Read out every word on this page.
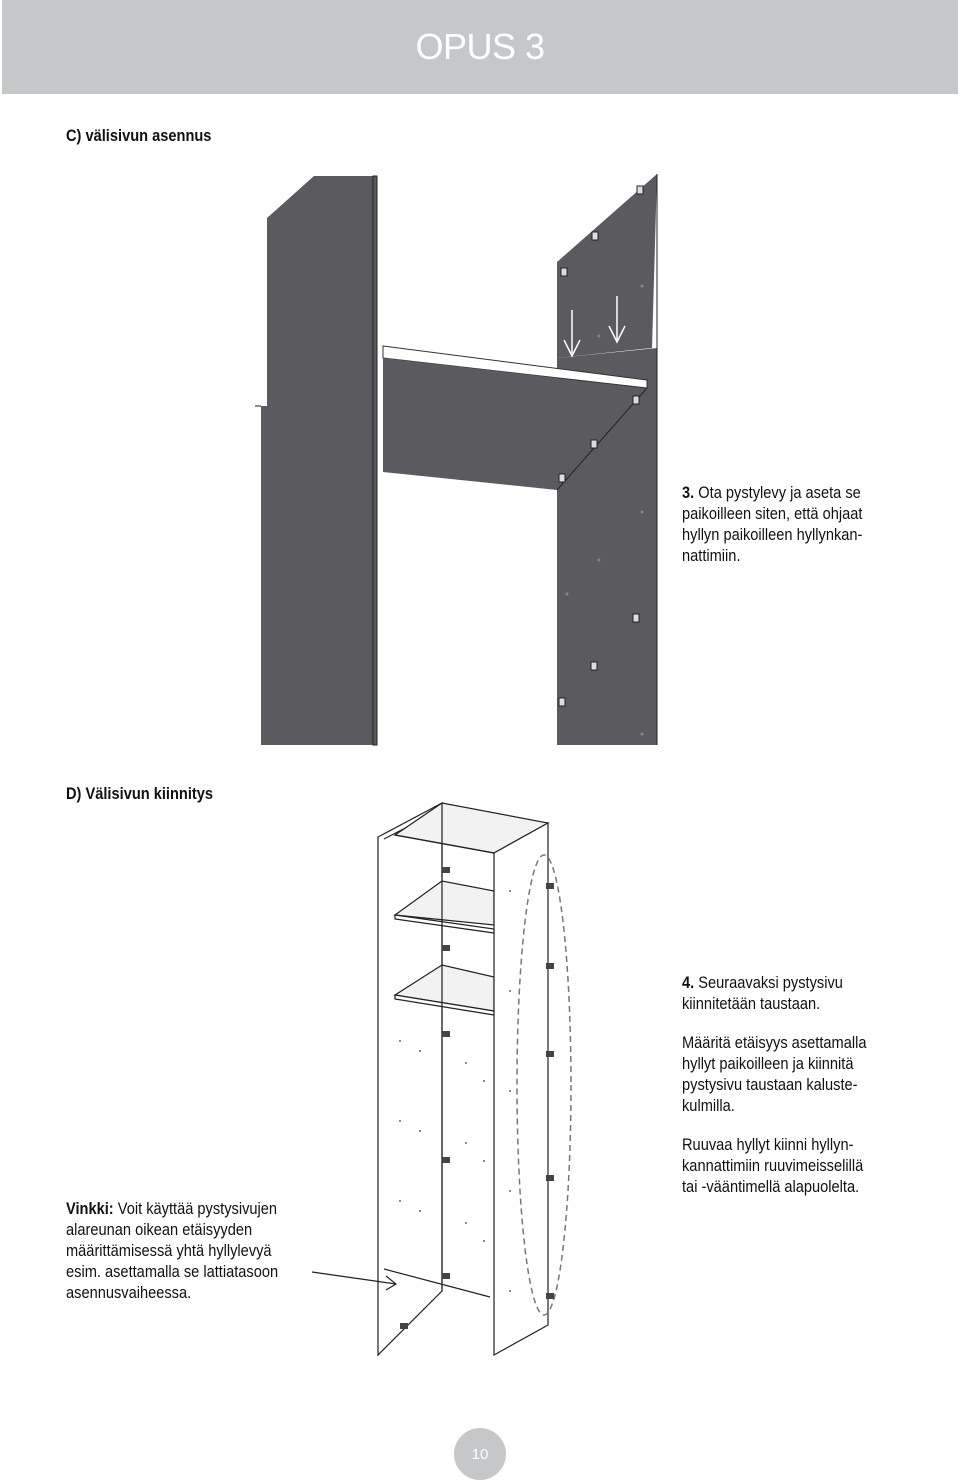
OPUS 3
C) välisivun asennus
3. Ota pystylevy ja aseta se
paikoilleen siten, että ohjaat
hyllyn paikoilleen hyllynkan-
nattimiin.
D) Välisivun kiinnitys
4. Seuraavaksi pystysivu
kiinnitetään taustaan.
Määritä etäisyys asettamalla
hyllyt paikoilleen ja kiinnitä
pystysivu taustaan kaluste-
kulmilla.
Ruuvaa hyllyt kiinni hyllyn-
kannattimiin ruuvimeisselillä
tai -vääntimellä alapuolelta.
Vinkki: Voit käyttää pystysivujen
alareunan oikean etäisyyden
määrittämisessä yhtä hyllylevyä
esim. asettamalla se lattiatasoon
asennusvaiheessa.
10
